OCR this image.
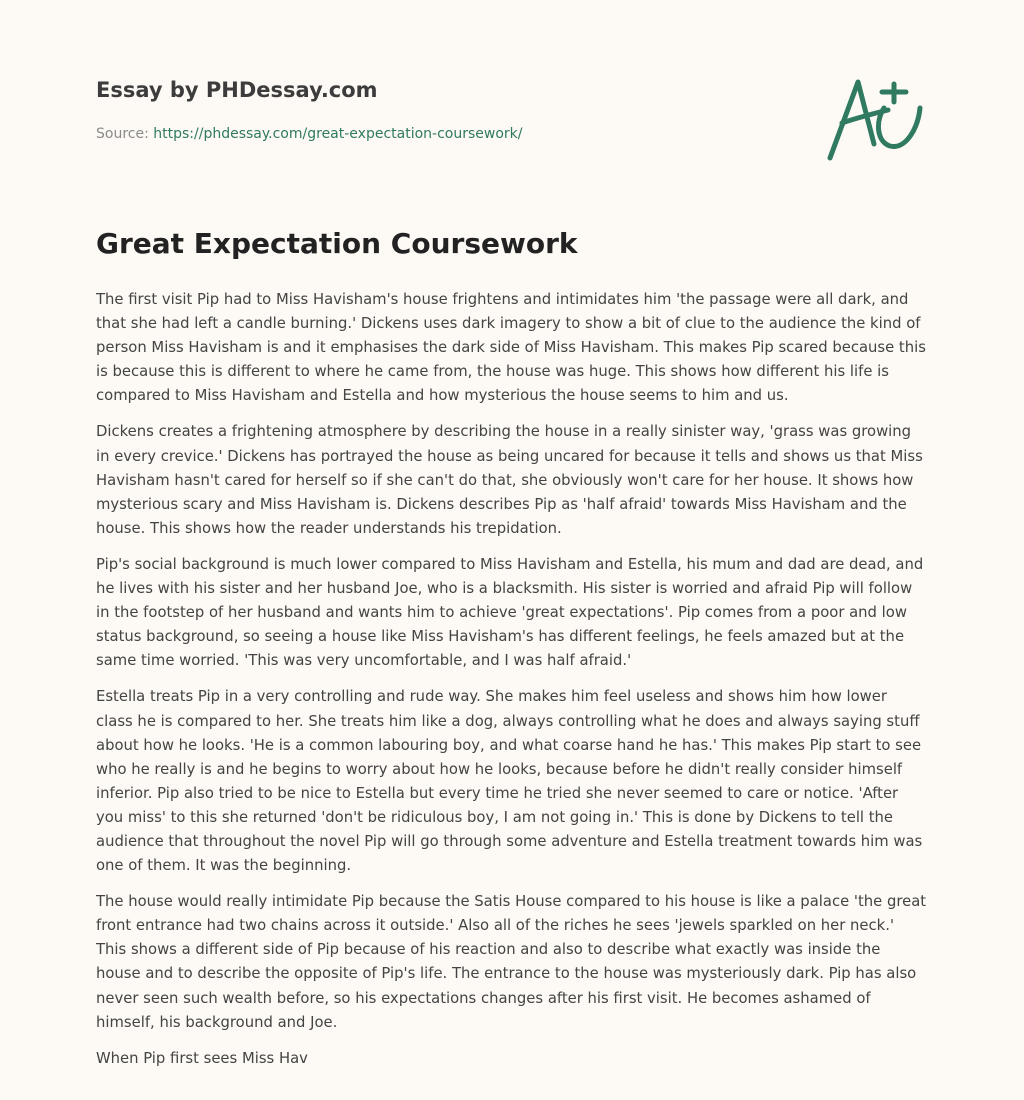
Essay by PHDessay.com
Source: https://phdessay.com/great-expectation-coursework/
Great Expectation Coursework

The first visit Pip had to Miss Havisham's house frightens and intimidates him 'the passage were all dark, and that she had left a candle burning.' Dickens uses dark imagery to show a bit of clue to the audience the kind of person Miss Havisham is and it emphasises the dark side of Miss Havisham. This makes Pip scared because this is because this is different to where he came from, the house was huge. This shows how different his life is compared to Miss Havisham and Estella and how mysterious the house seems to him and us.

Dickens creates a frightening atmosphere by describing the house in a really sinister way, 'grass was growing in every crevice.' Dickens has portrayed the house as being uncared for because it tells and shows us that Miss Havisham hasn't cared for herself so if she can't do that, she obviously won't care for her house. It shows how mysterious scary and Miss Havisham is. Dickens describes Pip as 'half afraid' towards Miss Havisham and the house. This shows how the reader understands his trepidation.

Pip's social background is much lower compared to Miss Havisham and Estella, his mum and dad are dead, and he lives with his sister and her husband Joe, who is a blacksmith. His sister is worried and afraid Pip will follow in the footstep of her husband and wants him to achieve 'great expectations'. Pip comes from a poor and low status background, so seeing a house like Miss Havisham's has different feelings, he feels amazed but at the same time worried. 'This was very uncomfortable, and I was half afraid.'

Estella treats Pip in a very controlling and rude way. She makes him feel useless and shows him how lower class he is compared to her. She treats him like a dog, always controlling what he does and always saying stuff about how he looks. 'He is a common labouring boy, and what coarse hand he has.' This makes Pip start to see who he really is and he begins to worry about how he looks, because before he didn't really consider himself inferior. Pip also tried to be nice to Estella but every time he tried she never seemed to care or notice. 'After you miss' to this she returned 'don't be ridiculous boy, I am not going in.' This is done by Dickens to tell the audience that throughout the novel Pip will go through some adventure and Estella treatment towards him was one of them. It was the beginning.

The house would really intimidate Pip because the Satis House compared to his house is like a palace 'the great front entrance had two chains across it outside.' Also all of the riches he sees 'jewels sparkled on her neck.' This shows a different side of Pip because of his reaction and also to describe what exactly was inside the house and to describe the opposite of Pip's life. The entrance to the house was mysteriously dark. Pip has also never seen such wealth before, so his expectations changes after his first visit. He becomes ashamed of himself, his background and Joe.

When Pip first sees Miss Hav
